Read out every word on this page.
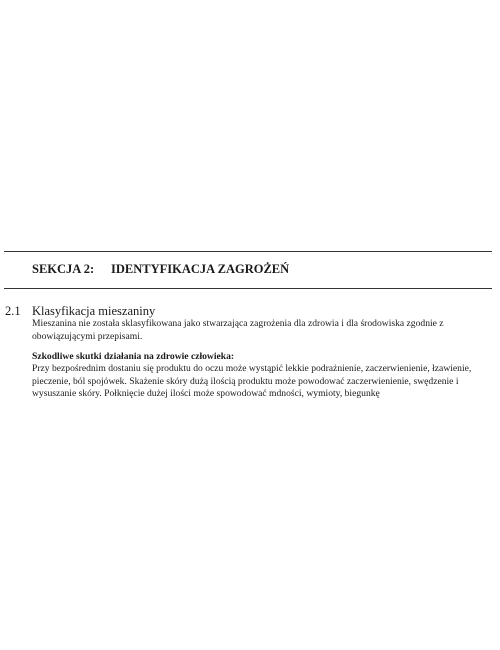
SEKCJA 2: IDENTYFIKACJA ZAGROŻEŃ
2.1 Klasyfikacja mieszaniny
Mieszanina nie została sklasyfikowana jako stwarzająca zagrożenia dla zdrowia i dla środowiska zgodnie z obowiązującymi przepisami.
Szkodliwe skutki działania na zdrowie człowieka:
Przy bezpośrednim dostaniu się produktu do oczu może wystąpić lekkie podrażnienie, zaczerwienienie, łzawienie, pieczenie, ból spojówek. Skażenie skóry dużą ilością produktu może powodować zaczerwienienie, swędzenie i wysuszanie skóry. Połknięcie dużej ilości może spowodować mdności, wymioty, biegunkę
